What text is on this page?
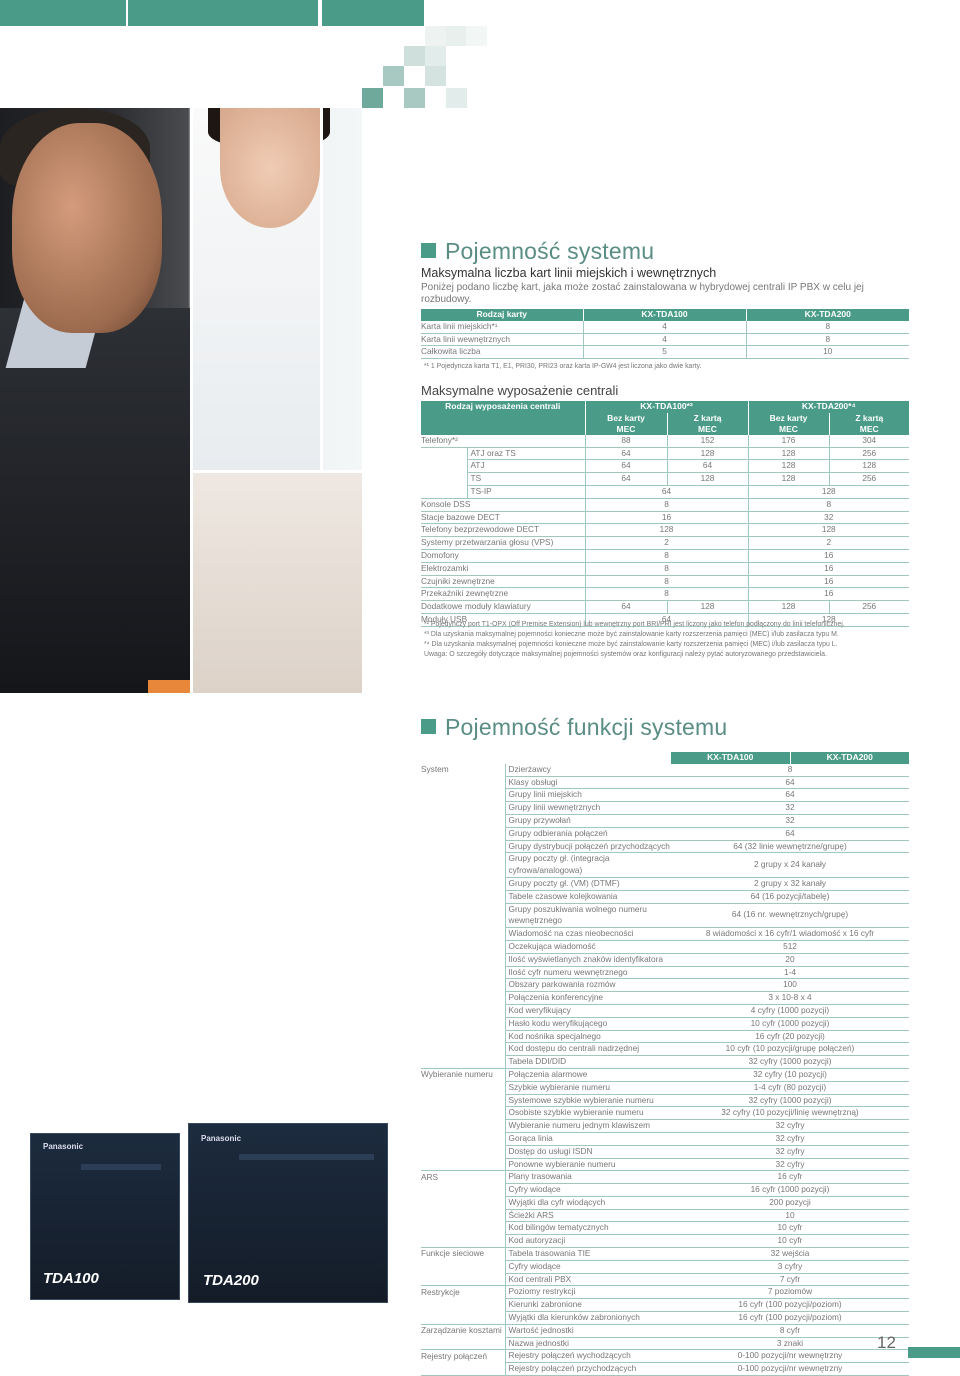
Pojemność systemu
Maksymalna liczba kart linii miejskich i wewnętrznych
Poniżej podano liczbę kart, jaka może zostać zainstalowana w hybrydowej centrali IP PBX w celu jej rozbudowy.
Rodzaj karty	KX-TDA100	KX-TDA200
Karta linii miejskich*¹	4	8
Karta linii wewnętrznych	4	8
Całkowita liczba	5	10
*¹ 1 Pojedyncza karta T1, E1, PRI30, PRI23 oraz karta IP-GW4 jest liczona jako dwie karty.
Maksymalne wyposażenie centrali
Rodzaj wyposażenia centrali		KX-TDA100*³		KX-TDA200*⁴	
		Bez karty	Z kartą	Bez karty	Z kartą
		MEC	MEC	MEC	MEC
Telefony*²		88	152	176	304
	ATJ oraz TS	64	128	128	256
	ATJ	64	64	128	128
	TS	64	128	128	256
	TS-IP	64		128	
Konsole DSS		8		8	
Stacje bazowe DECT		16		32	
Telefony bezprzewodowe DECT		128		128	
Systemy przetwarzania głosu (VPS)		2		2	
Domofony		8		16	
Elektrozamki		8		16	
Czujniki zewnętrzne		8		16	
Przekaźniki zewnętrzne		8		16	
Dodatkowe moduły klawiatury		64	128	128	256
Moduły USB		64		128	
*² Pojedynczy port T1-OPX (Off Premise Extension) lub wewnętrzny port BRI/PRI jest liczony jako telefon podłączony do linii telefonicznej.
*³ Dla uzyskania maksymalnej pojemności konieczne może być zainstalowanie karty rozszerzenia pamięci (MEC) i/lub zasilacza typu M.
*⁴ Dla uzyskania maksymalnej pojemności konieczne może być zainstalowanie karty rozszerzenia pamięci (MEC) i/lub zasilacza typu L.
Uwaga: O szczegóły dotyczące maksymalnej pojemności systemów oraz konfiguracji należy pytać autoryzowanego przedstawiciela.
Pojemność funkcji systemu
		KX-TDA100	KX-TDA200
System	Dzierżawcy	8	
	Klasy obsługi	64	
	Grupy linii miejskich	64	
	Grupy linii wewnętrznych	32	
	Grupy przywołań	32	
	Grupy odbierania połączeń	64	
	Grupy dystrybucji połączeń przychodzących	64 (32 linie wewnętrzne/grupę)	
	Grupy poczty gł. (integracja cyfrowa/analogowa)	2 grupy x 24 kanały	
	Grupy poczty gł. (VM) (DTMF)	2 grupy x 32 kanały	
	Tabele czasowe kolejkowania	64 (16 pozycji/tabelę)	
	Grupy poszukiwania wolnego numeru wewnętrznego	64 (16 nr. wewnętrznych/grupę)	
	Wiadomość na czas nieobecności	8 wiadomości x 16 cyfr/1 wiadomość x 16 cyfr	
	Oczekująca wiadomość	512	
	Ilość wyświetlanych znaków identyfikatora	20	
	Ilość cyfr numeru wewnętrznego	1-4	
	Obszary parkowania rozmów	100	
	Połączenia konferencyjne	3 x 10-8 x 4	
	Kod weryfikujący	4 cyfry (1000 pozycji)	
	Hasło kodu weryfikującego	10 cyfr (1000 pozycji)	
	Kod nośnika specjalnego	16 cyfr (20 pozycji)	
	Kod dostępu do centrali nadrzędnej	10 cyfr (10 pozycji/grupę połączeń)	
	Tabela DDI/DID	32 cyfry (1000 pozycji)	
Wybieranie numeru	Połączenia alarmowe	32 cyfry (10 pozycji)	
	Szybkie wybieranie numeru	1-4 cyfr (80 pozycji)	
	Systemowe szybkie wybieranie numeru	32 cyfry (1000 pozycji)	
	Osobiste szybkie wybieranie numeru	32 cyfry (10 pozycji/linię wewnętrzną)	
	Wybieranie numeru jednym klawiszem	32 cyfry	
	Gorąca linia	32 cyfry	
	Dostęp do usługi ISDN	32 cyfry	
	Ponowne wybieranie numeru	32 cyfry	
ARS	Plany trasowania	16 cyfr	
	Cyfry wiodące	16 cyfr (1000 pozycji)	
	Wyjątki dla cyfr wiodących	200 pozycji	
	Ścieżki ARS	10	
	Kod bilingów tematycznych	10 cyfr	
	Kod autoryzacji	10 cyfr	
Funkcje sieciowe	Tabela trasowania TIE	32 wejścia	
	Cyfry wiodące	3 cyfry	
	Kod centrali PBX	7 cyfr	
Restrykcje	Poziomy restrykcji	7 poziomów	
	Kierunki zabronione	16 cyfr (100 pozycji/poziom)	
	Wyjątki dla kierunków zabronionych	16 cyfr (100 pozycji/poziom)	
Zarządzanie kosztami	Wartość jednostki	8 cyfr	
	Nazwa jednostki	3 znaki	
Rejestry połączeń	Rejestry połączeń wychodzących	0-100 pozycji/nr wewnętrzny	
	Rejestry połączeń przychodzących	0-100 pozycji/nr wewnętrzny	
Panasonic
TDA100
Panasonic
TDA200
12
